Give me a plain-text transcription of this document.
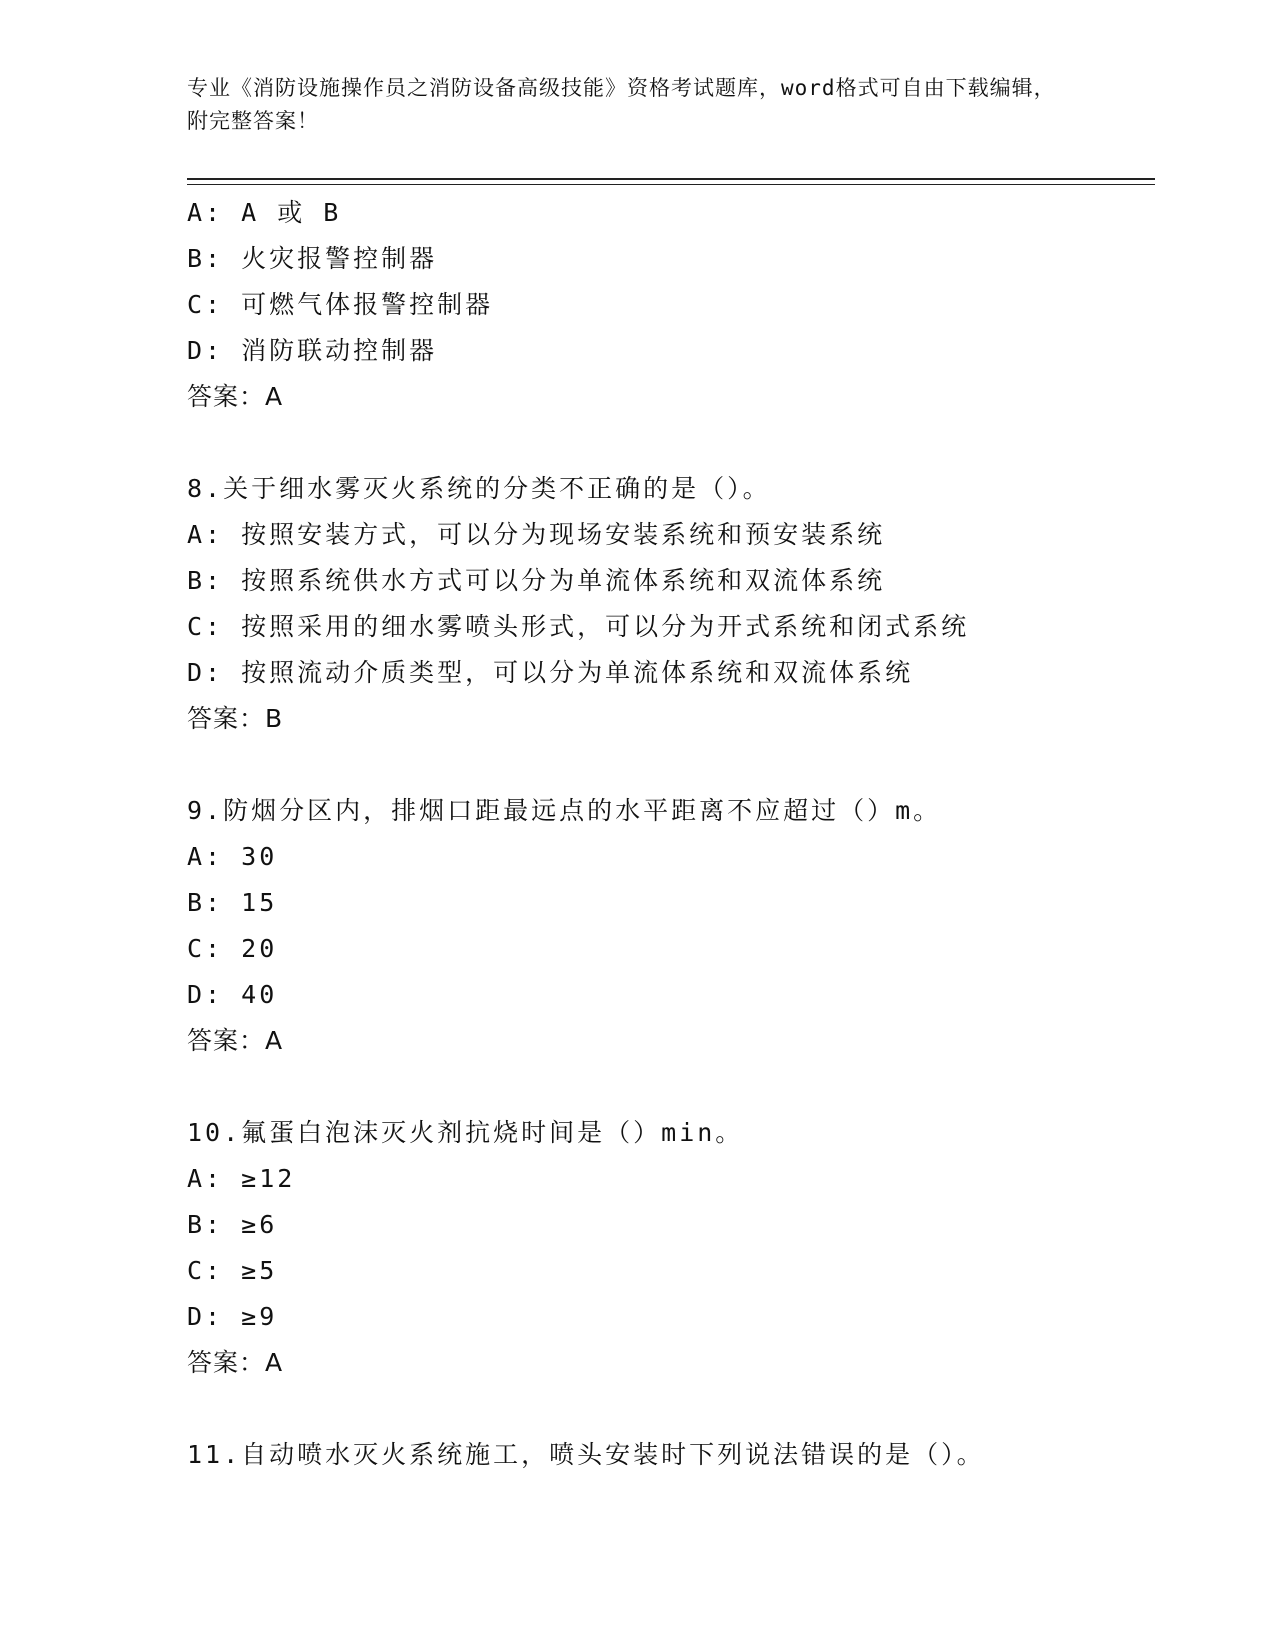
专业《消防设施操作员之消防设备高级技能》资格考试题库，word格式可自由下载编辑，附完整答案！
A: A 或 B
B: 火灾报警控制器
C: 可燃气体报警控制器
D: 消防联动控制器
答案：A
8.关于细水雾灭火系统的分类不正确的是（）。
A: 按照安装方式，可以分为现场安装系统和预安装系统
B: 按照系统供水方式可以分为单流体系统和双流体系统
C: 按照采用的细水雾喷头形式，可以分为开式系统和闭式系统
D: 按照流动介质类型，可以分为单流体系统和双流体系统
答案：B
9.防烟分区内，排烟口距最远点的水平距离不应超过（）m。
A: 30
B: 15
C: 20
D: 40
答案：A
10.氟蛋白泡沫灭火剂抗烧时间是（）min。
A: ≥12
B: ≥6
C: ≥5
D: ≥9
答案：A
11.自动喷水灭火系统施工，喷头安装时下列说法错误的是（）。
